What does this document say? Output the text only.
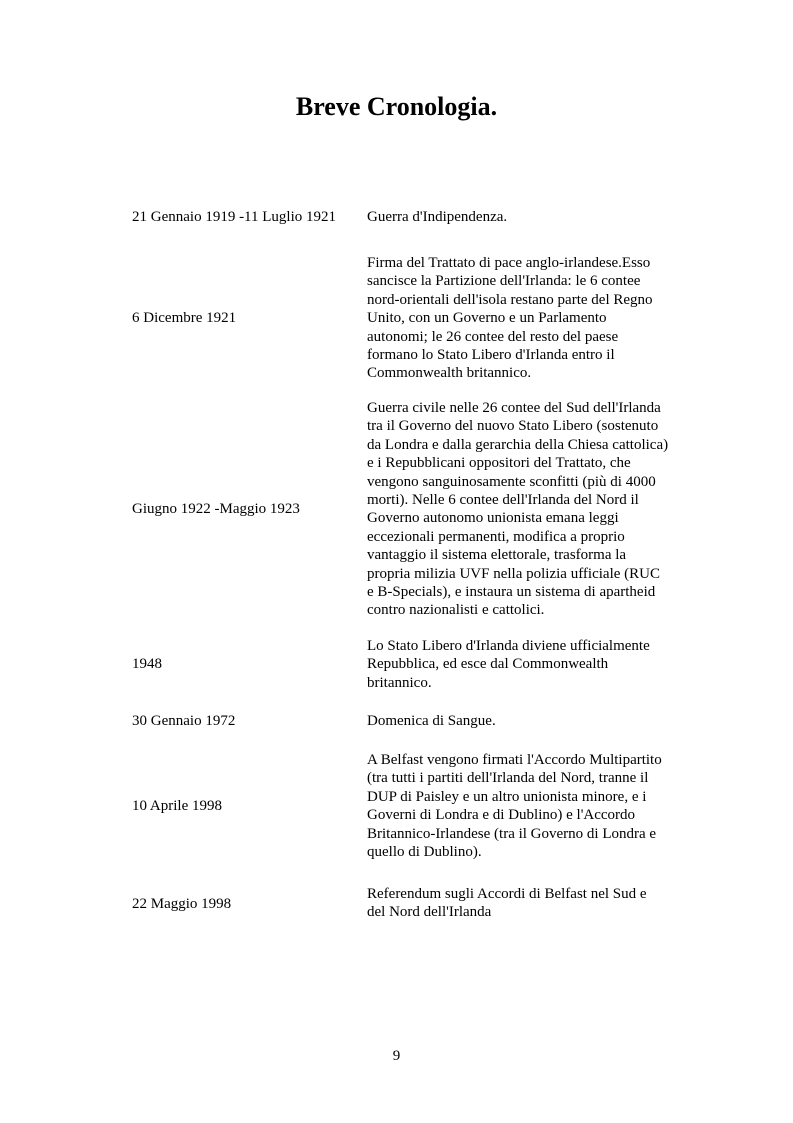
Breve Cronologia.
21 Gennaio 1919 -11 Luglio 1921 Guerra d'Indipendenza.
6 Dicembre 1921
Firma del Trattato di pace anglo-irlandese.Esso
sancisce la Partizione dell'Irlanda: le 6 contee
nord-orientali dell'isola restano parte del Regno
Unito, con un Governo e un Parlamento
autonomi; le 26 contee del resto del paese
formano lo Stato Libero d'Irlanda entro il
Commonwealth britannico.
Giugno 1922 -Maggio 1923
Guerra civile nelle 26 contee del Sud dell'Irlanda
tra il Governo del nuovo Stato Libero (sostenuto
da Londra e dalla gerarchia della Chiesa cattolica)
e i Repubblicani oppositori del Trattato, che
vengono sanguinosamente sconfitti (più di 4000
morti). Nelle 6 contee dell'Irlanda del Nord il
Governo autonomo unionista emana leggi
eccezionali permanenti, modifica a proprio
vantaggio il sistema elettorale, trasforma la
propria milizia UVF nella polizia ufficiale (RUC
e B-Specials), e instaura un sistema di apartheid
contro nazionalisti e cattolici.
1948
Lo Stato Libero d'Irlanda diviene ufficialmente
Repubblica, ed esce dal Commonwealth
britannico.
30 Gennaio 1972	Domenica di Sangue.
10 Aprile 1998
A Belfast vengono firmati l'Accordo Multipartito
(tra tutti i partiti dell'Irlanda del Nord, tranne il
DUP di Paisley e un altro unionista minore, e i
Governi di Londra e di Dublino) e l'Accordo
Britannico-Irlandese (tra il Governo di Londra e
quello di Dublino).
22 Maggio 1998
Referendum sugli Accordi di Belfast nel Sud e
del Nord dell'Irlanda
9
